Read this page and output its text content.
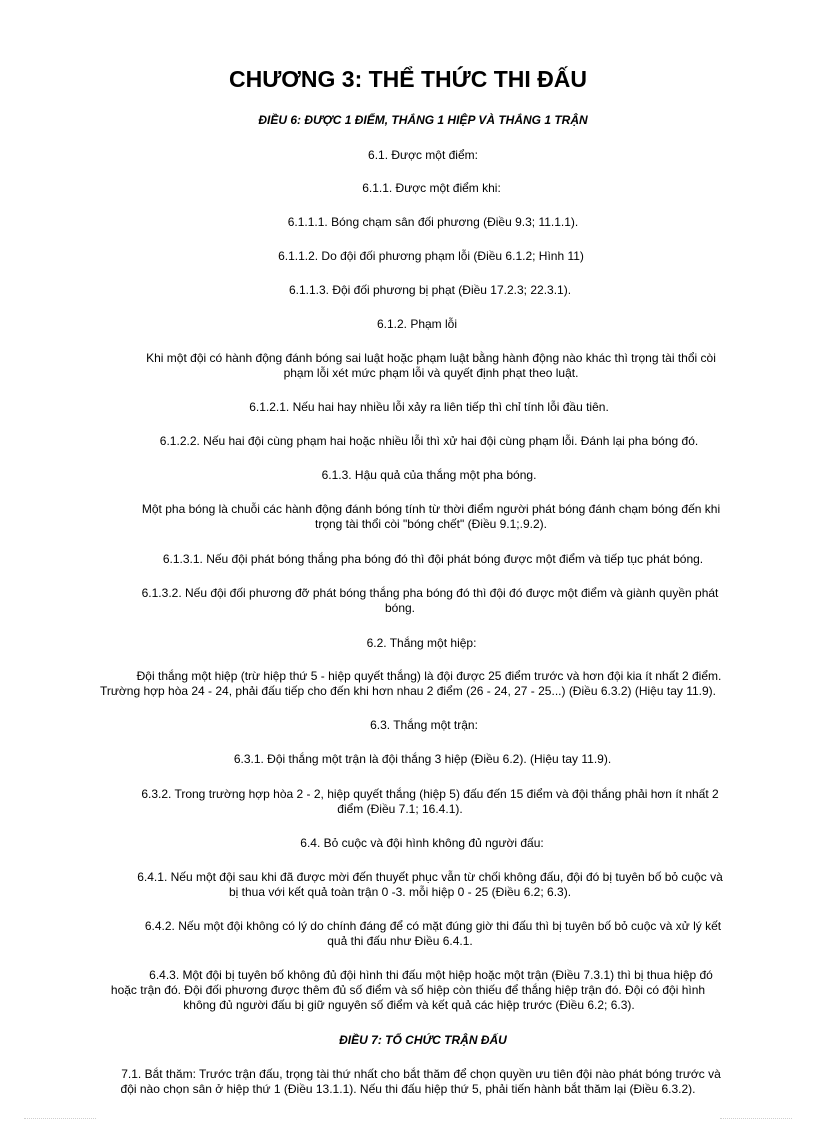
CHƯƠNG 3: THỂ THỨC THI ĐẤU
ĐIỀU 6: ĐƯỢC 1 ĐIỂM, THẮNG 1 HIỆP VÀ THẮNG 1 TRẬN
6.1. Được một điểm:
6.1.1. Được một điểm khi:
6.1.1.1. Bóng chạm sân đối phương (Điều 9.3; 11.1.1).
6.1.1.2. Do đội đối phương phạm lỗi (Điều 6.1.2; Hình 11)
6.1.1.3. Đội đối phương bị phạt (Điều 17.2.3; 22.3.1).
6.1.2. Phạm lỗi
Khi một đội có hành động đánh bóng sai luật hoặc phạm luật bằng hành động nào khác thì trọng tài thổi còi
phạm lỗi xét mức phạm lỗi và quyết định phạt theo luật.
6.1.2.1. Nếu hai hay nhiều lỗi xảy ra liên tiếp thì chỉ tính lỗi đầu tiên.
6.1.2.2. Nếu hai đội cùng phạm hai hoặc nhiều lỗi thì xử hai đội cùng phạm lỗi. Đánh lại pha bóng đó.
6.1.3. Hậu quả của thắng một pha bóng.
Một pha bóng là chuỗi các hành động đánh bóng tính từ thời điểm người phát bóng đánh chạm bóng đến khi
trọng tài thổi còi "bóng chết" (Điều 9.1;.9.2).
6.1.3.1. Nếu đội phát bóng thắng pha bóng đó thì đội phát bóng được một điểm và tiếp tục phát bóng.
6.1.3.2. Nếu đội đối phương đỡ phát bóng thắng pha bóng đó thì đội đó được một điểm và giành quyền phát
bóng.
6.2. Thắng một hiệp:
Đội thắng một hiệp (trừ hiệp thứ 5 - hiệp quyết thắng) là đội được 25 điểm trước và hơn đội kia ít nhất 2 điểm.
Trường hợp hòa 24 - 24, phải đấu tiếp cho đến khi hơn nhau 2 điểm (26 - 24, 27 - 25...) (Điều 6.3.2) (Hiệu tay 11.9).
6.3. Thắng một trận:
6.3.1. Đội thắng một trận là đội thắng 3 hiệp (Điều 6.2). (Hiệu tay 11.9).
6.3.2. Trong trường hợp hòa 2 - 2, hiệp quyết thắng (hiệp 5) đấu đến 15 điểm và đội thắng phải hơn ít nhất 2
điểm (Điều 7.1; 16.4.1).
6.4. Bỏ cuộc và đội hình không đủ người đấu:
6.4.1. Nếu một đội sau khi đã được mời đến thuyết phục vẫn từ chối không đấu, đội đó bị tuyên bố bỏ cuộc và
bị thua với kết quả toàn trận 0 -3. mỗi hiệp 0 - 25 (Điều 6.2; 6.3).
6.4.2. Nếu một đội không có lý do chính đáng để có mặt đúng giờ thi đấu thì bị tuyên bố bỏ cuộc và xử lý kết
quả thi đấu như Điều 6.4.1.
6.4.3. Một đội bị tuyên bố không đủ đội hình thi đấu một hiệp hoặc một trận (Điều 7.3.1) thì bị thua hiệp đó
hoặc trận đó. Đội đối phương được thêm đủ số điểm và số hiệp còn thiếu để thắng hiệp trận đó. Đội có đội hình
không đủ người đấu bị giữ nguyên số điểm và kết quả các hiệp trước (Điều 6.2; 6.3).
ĐIỀU 7: TỔ CHỨC TRẬN ĐẤU
7.1. Bắt thăm: Trước trận đấu, trọng tài thứ nhất cho bắt thăm để chọn quyền ưu tiên đội nào phát bóng trước và
đội nào chọn sân ở hiệp thứ 1 (Điều 13.1.1). Nếu thi đấu hiệp thứ 5, phải tiến hành bắt thăm lại (Điều 6.3.2).
